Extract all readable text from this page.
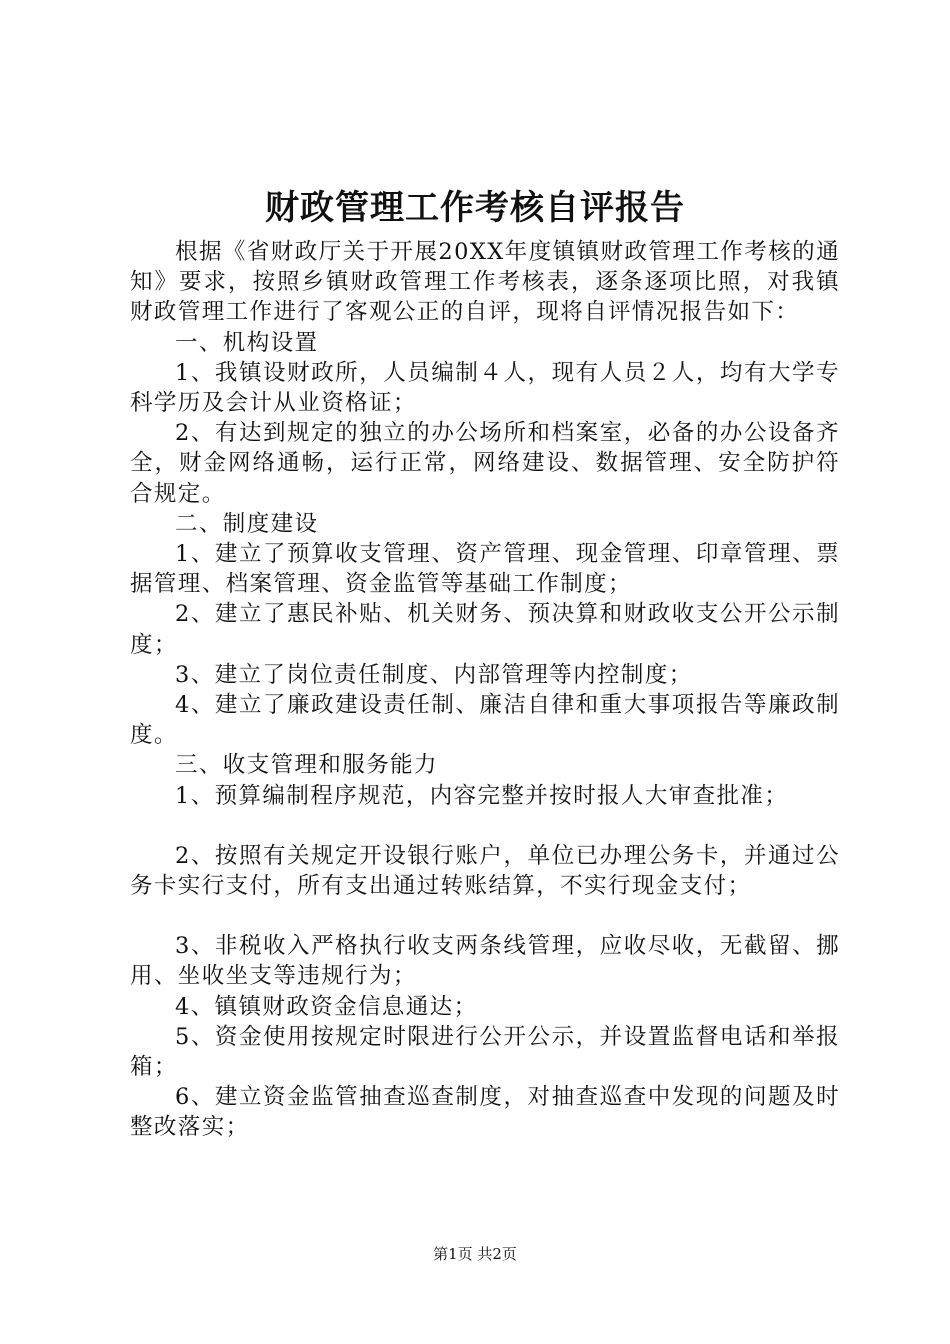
财政管理工作考核自评报告

根据《省财政厅关于开展20XX年度镇镇财政管理工作考核的通知》要求，按照乡镇财政管理工作考核表，逐条逐项比照，对我镇财政管理工作进行了客观公正的自评，现将自评情况报告如下：

一、机构设置

1、我镇设财政所，人员编制４人，现有人员２人，均有大学专科学历及会计从业资格证；

2、有达到规定的独立的办公场所和档案室，必备的办公设备齐全，财金网络通畅，运行正常，网络建设、数据管理、安全防护符合规定。

二、制度建设

1、建立了预算收支管理、资产管理、现金管理、印章管理、票据管理、档案管理、资金监管等基础工作制度；

2、建立了惠民补贴、机关财务、预决算和财政收支公开公示制度；

3、建立了岗位责任制度、内部管理等内控制度；

4、建立了廉政建设责任制、廉洁自律和重大事项报告等廉政制度。

三、收支管理和服务能力

1、预算编制程序规范，内容完整并按时报人大审查批准；

2、按照有关规定开设银行账户，单位已办理公务卡，并通过公务卡实行支付，所有支出通过转账结算，不实行现金支付；

3、非税收入严格执行收支两条线管理，应收尽收，无截留、挪用、坐收坐支等违规行为；

4、镇镇财政资金信息通达；

5、资金使用按规定时限进行公开公示，并设置监督电话和举报箱；

6、建立资金监管抽查巡查制度，对抽查巡查中发现的问题及时整改落实；

第1页 共2页
